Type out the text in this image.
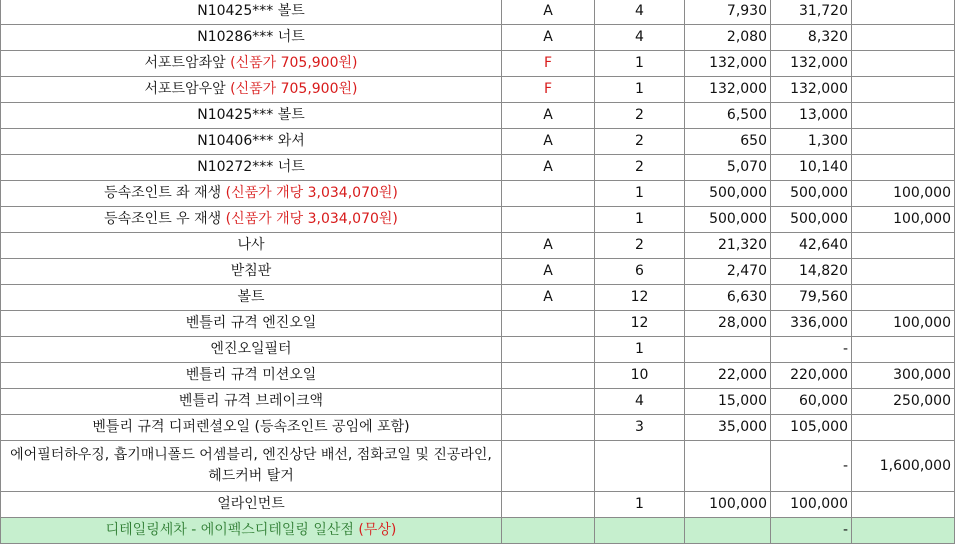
N10425*** 볼트	A	4	7,930	31,720	
N10286*** 너트	A	4	2,080	8,320	
서포트암좌앞 (신품가 705,900원)	F	1	132,000	132,000	
서포트암우앞 (신품가 705,900원)	F	1	132,000	132,000	
N10425*** 볼트	A	2	6,500	13,000	
N10406*** 와셔	A	2	650	1,300	
N10272*** 너트	A	2	5,070	10,140	
등속조인트 좌 재생 (신품가 개당 3,034,070원)		1	500,000	500,000	100,000
등속조인트 우 재생 (신품가 개당 3,034,070원)		1	500,000	500,000	100,000
나사	A	2	21,320	42,640	
받침판	A	6	2,470	14,820	
볼트	A	12	6,630	79,560	
벤틀리 규격 엔진오일		12	28,000	336,000	100,000
엔진오일필터		1		-	
벤틀리 규격 미션오일		10	22,000	220,000	300,000
벤틀리 규격 브레이크액		4	15,000	60,000	250,000
벤틀리 규격 디퍼렌셜오일 (등속조인트 공임에 포함)		3	35,000	105,000	
에어필터하우징, 흡기매니폴드 어셈블리, 엔진상단 배선, 점화코일 및 진공라인, 헤드커버 탈거				-	1,600,000
얼라인먼트		1	100,000	100,000	
디테일링세차 - 에이펙스디테일링 일산점 (무상)				-	
